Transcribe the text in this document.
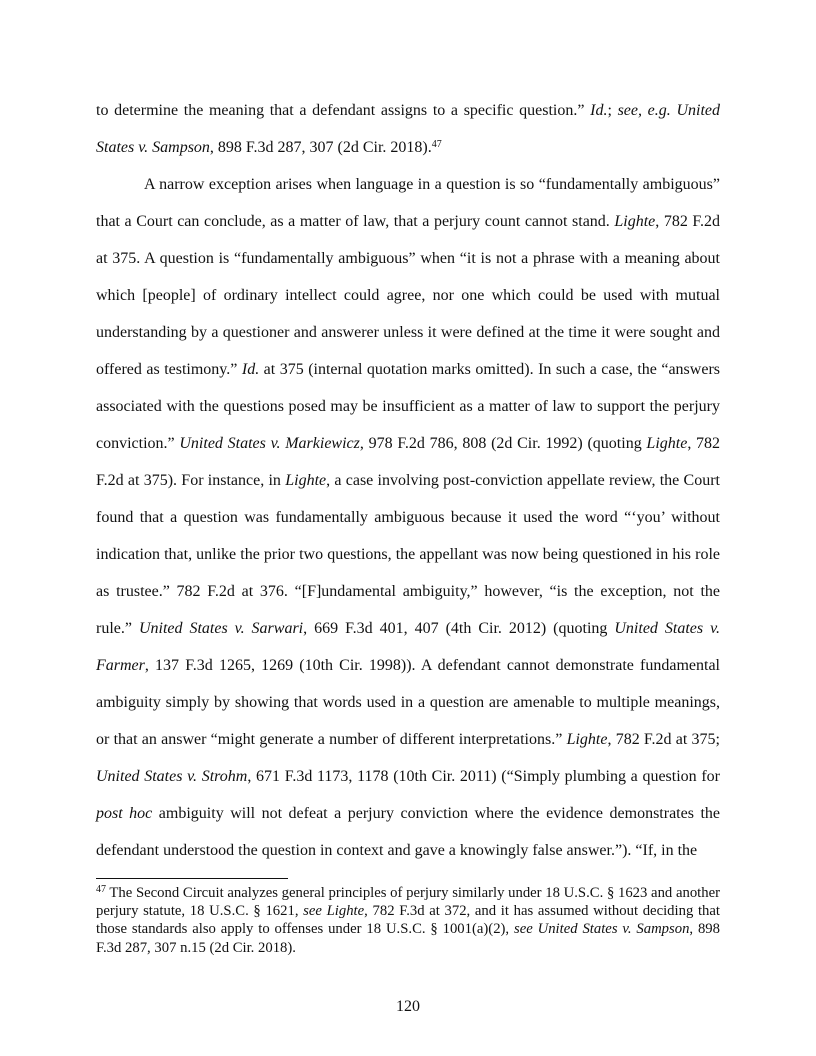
to determine the meaning that a defendant assigns to a specific question.” Id.; see, e.g. United States v. Sampson, 898 F.3d 287, 307 (2d Cir. 2018).$^{47}$

A narrow exception arises when language in a question is so “fundamentally ambiguous” that a Court can conclude, as a matter of law, that a perjury count cannot stand. Lighte, 782 F.2d at 375. A question is “fundamentally ambiguous” when “it is not a phrase with a meaning about which [people] of ordinary intellect could agree, nor one which could be used with mutual understanding by a questioner and answerer unless it were defined at the time it were sought and offered as testimony.” Id. at 375 (internal quotation marks omitted). In such a case, the “answers associated with the questions posed may be insufficient as a matter of law to support the perjury conviction.” United States v. Markiewicz, 978 F.2d 786, 808 (2d Cir. 1992) (quoting Lighte, 782 F.2d at 375). For instance, in Lighte, a case involving post-conviction appellate review, the Court found that a question was fundamentally ambiguous because it used the word “‘you’ without indication that, unlike the prior two questions, the appellant was now being questioned in his role as trustee.” 782 F.2d at 376. “[F]undamental ambiguity,” however, “is the exception, not the rule.” United States v. Sarwari, 669 F.3d 401, 407 (4th Cir. 2012) (quoting United States v. Farmer, 137 F.3d 1265, 1269 (10th Cir. 1998)). A defendant cannot demonstrate fundamental ambiguity simply by showing that words used in a question are amenable to multiple meanings, or that an answer “might generate a number of different interpretations.” Lighte, 782 F.2d at 375; United States v. Strohm, 671 F.3d 1173, 1178 (10th Cir. 2011) (“Simply plumbing a question for post hoc ambiguity will not defeat a perjury conviction where the evidence demonstrates the defendant understood the question in context and gave a knowingly false answer.”). “If, in the

$^{47}$ The Second Circuit analyzes general principles of perjury similarly under 18 U.S.C. § 1623 and another perjury statute, 18 U.S.C. § 1621, see Lighte, 782 F.3d at 372, and it has assumed without deciding that those standards also apply to offenses under 18 U.S.C. § 1001(a)(2), see United States v. Sampson, 898 F.3d 287, 307 n.15 (2d Cir. 2018).

120
